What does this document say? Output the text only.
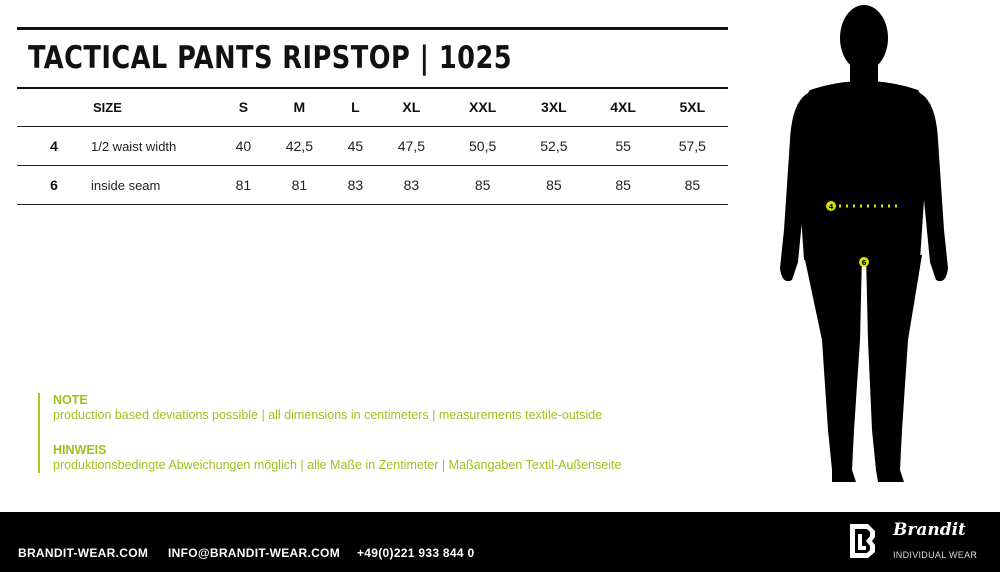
TACTICAL PANTS RIPSTOP | 1025
	SIZE	S	M	L	XL	XXL	3XL	4XL	5XL
4	1/2 waist width	40	42,5	45	47,5	50,5	52,5	55	57,5
6	inside seam	81	81	83	83	85	85	85	85
NOTE
production based deviations possible | all dimensions in centimeters | measurements textile-outside
HINWEIS
produktionsbedingte Abweichungen möglich | alle Maße in Zentimeter | Maßangaben Textil-Außenseite
4
6
BRANDIT-WEAR.COM INFO@BRANDIT-WEAR.COM +49(0)221 933 844 0
Brandit
INDIVIDUAL WEAR
